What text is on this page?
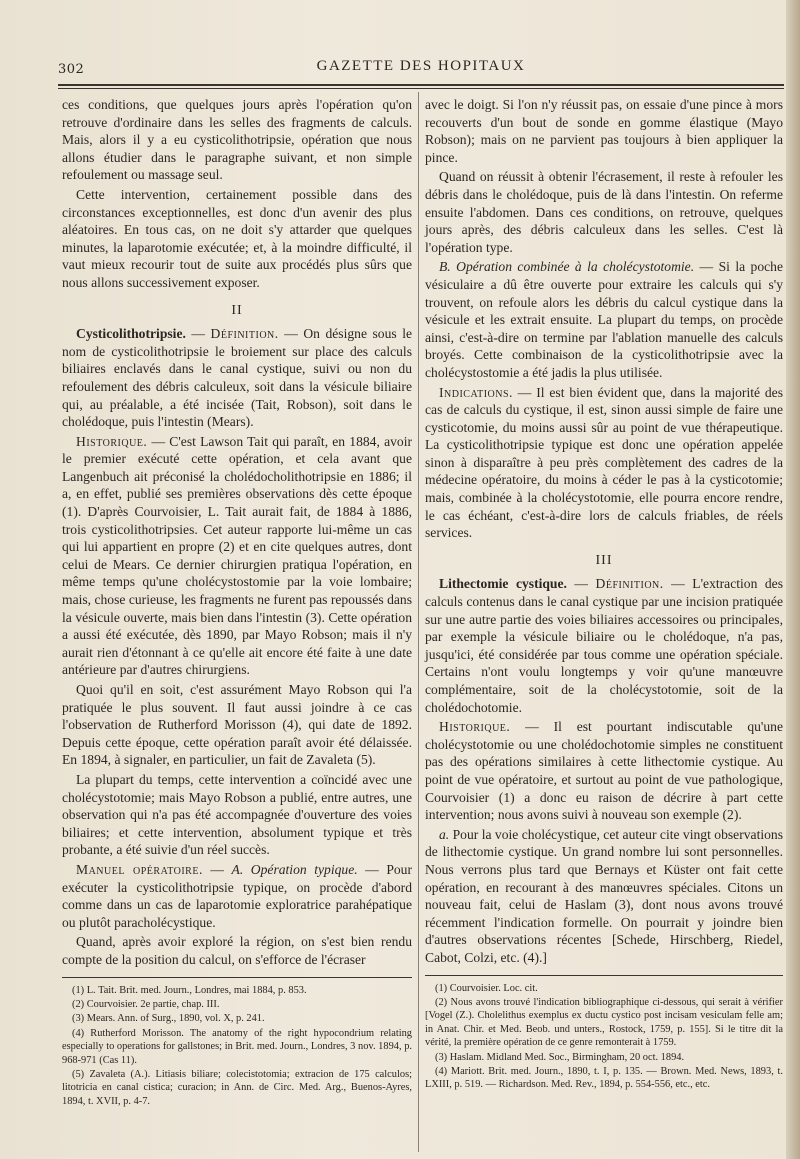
302	GAZETTE DES HOPITAUX

ces conditions, que quelques jours après l'opération qu'on retrouve d'ordinaire dans les selles des fragments de calculs. Mais, alors il y a eu cysticolithotripsie, opération que nous allons étudier dans le paragraphe suivant, et non simple refoulement ou massage seul.

Cette intervention, certainement possible dans des circonstances exceptionnelles, est donc d'un avenir des plus aléatoires. En tous cas, on ne doit s'y attarder que quelques minutes, la laparotomie exécutée; et, à la moindre difficulté, il vaut mieux recourir tout de suite aux procédés plus sûrs que nous allons successivement exposer.

II

Cysticolithotripsie. — Définition. — On désigne sous le nom de cysticolithotripsie le broiement sur place des calculs biliaires enclavés dans le canal cystique, suivi ou non du refoulement des débris calculeux, soit dans la vésicule biliaire qui, au préalable, a été incisée (Tait, Robson), soit dans le cholédoque, puis l'intestin (Mears).

Historique. — C'est Lawson Tait qui paraît, en 1884, avoir le premier exécuté cette opération, et cela avant que Langenbuch ait préconisé la cholédocholithotripsie en 1886; il a, en effet, publié ses premières observations dès cette époque (1). D'après Courvoisier, L. Tait aurait fait, de 1884 à 1886, trois cysticolithotripsies. Cet auteur rapporte lui-même un cas qui lui appartient en propre (2) et en cite quelques autres, dont celui de Mears. Ce dernier chirurgien pratiqua l'opération, en même temps qu'une cholécystostomie par la voie lombaire; mais, chose curieuse, les fragments ne furent pas repoussés dans la vésicule ouverte, mais bien dans l'intestin (3). Cette opération a aussi été exécutée, dès 1890, par Mayo Robson; mais il n'y aurait rien d'étonnant à ce qu'elle ait encore été faite à une date antérieure par d'autres chirurgiens.

Quoi qu'il en soit, c'est assurément Mayo Robson qui l'a pratiquée le plus souvent. Il faut aussi joindre à ce cas l'observation de Rutherford Morisson (4), qui date de 1892. Depuis cette époque, cette opération paraît avoir été délaissée. En 1894, à signaler, en particulier, un fait de Zavaleta (5).

La plupart du temps, cette intervention a coïncidé avec une cholécystotomie; mais Mayo Robson a publié, entre autres, une observation qui n'a pas été accompagnée d'ouverture des voies biliaires; et cette intervention, absolument typique et très probante, a été suivie d'un réel succès.

Manuel opératoire. — A. Opération typique. — Pour exécuter la cysticolithotripsie typique, on procède d'abord comme dans un cas de laparotomie exploratrice parahépatique ou plutôt paracholécystique.

Quand, après avoir exploré la région, on s'est bien rendu compte de la position du calcul, on s'efforce de l'écraser

(1) L. Tait. Brit. med. Journ., Londres, mai 1884, p. 853.

(2) Courvoisier. 2e partie, chap. III.

(3) Mears. Ann. of Surg., 1890, vol. X, p. 241.

(4) Rutherford Morisson. The anatomy of the right hypocondrium relating especially to operations for gallstones; in Brit. med. Journ., Londres, 3 nov. 1894, p. 968-971 (Cas 11).

(5) Zavaleta (A.). Litiasis biliare; colecistotomia; extracion de 175 calculos; litotricia en canal cistica; curacion; in Ann. de Circ. Med. Arg., Buenos-Ayres, 1894, t. XVII, p. 4-7.

avec le doigt. Si l'on n'y réussit pas, on essaie d'une pince à mors recouverts d'un bout de sonde en gomme élastique (Mayo Robson); mais on ne parvient pas toujours à bien appliquer la pince.

Quand on réussit à obtenir l'écrasement, il reste à refouler les débris dans le cholédoque, puis de là dans l'intestin. On referme ensuite l'abdomen. Dans ces conditions, on retrouve, quelques jours après, des débris calculeux dans les selles. C'est là l'opération type.

B. Opération combinée à la cholécystotomie. — Si la poche vésiculaire a dû être ouverte pour extraire les calculs qui s'y trouvent, on refoule alors les débris du calcul cystique dans la vésicule et les extrait ensuite. La plupart du temps, on procède ainsi, c'est-à-dire on termine par l'ablation manuelle des calculs broyés. Cette combinaison de la cysticolithotripsie avec la cholécystostomie a été jadis la plus utilisée.

Indications. — Il est bien évident que, dans la majorité des cas de calculs du cystique, il est, sinon aussi simple de faire une cysticotomie, du moins aussi sûr au point de vue thérapeutique. La cysticolithotripsie typique est donc une opération appelée sinon à disparaître à peu près complètement des cadres de la médecine opératoire, du moins à céder le pas à la cysticotomie; mais, combinée à la cholécystotomie, elle pourra encore rendre, le cas échéant, c'est-à-dire lors de calculs friables, de réels services.

III

Lithectomie cystique. — Définition. — L'extraction des calculs contenus dans le canal cystique par une incision pratiquée sur une autre partie des voies biliaires accessoires ou principales, par exemple la vésicule biliaire ou le cholédoque, n'a pas, jusqu'ici, été considérée par tous comme une opération spéciale. Certains n'ont voulu longtemps y voir qu'une manœuvre complémentaire, soit de la cholécystotomie, soit de la cholédochotomie.

Historique. — Il est pourtant indiscutable qu'une cholécystotomie ou une cholédochotomie simples ne constituent pas des opérations similaires à cette lithectomie cystique. Au point de vue opératoire, et surtout au point de vue pathologique, Courvoisier (1) a donc eu raison de décrire à part cette intervention; nous avons suivi à nouveau son exemple (2).

a. Pour la voie cholécystique, cet auteur cite vingt observations de lithectomie cystique. Un grand nombre lui sont personnelles. Nous verrons plus tard que Bernays et Küster ont fait cette opération, en recourant à des manœuvres spéciales. Citons un nouveau fait, celui de Haslam (3), dont nous avons trouvé récemment l'indication formelle. On pourrait y joindre bien d'autres observations récentes [Schede, Hirschberg, Riedel, Cabot, Colzi, etc. (4).]

(1) Courvoisier. Loc. cit.

(2) Nous avons trouvé l'indication bibliographique ci-dessous, qui serait à vérifier [Vogel (Z.). Cholelithus exemplus ex ductu cystico post incisam vesiculam felle am; in Anat. Chir. et Med. Beob. und unters., Rostock, 1759, p. 155]. Si le titre dit la vérité, la première opération de ce genre remonterait à 1759.

(3) Haslam. Midland Med. Soc., Birmingham, 20 oct. 1894.

(4) Mariott. Brit. med. Journ., 1890, t. I, p. 135. — Brown. Med. News, 1893, t. LXIII, p. 519. — Richardson. Med. Rev., 1894, p. 554-556, etc., etc.
